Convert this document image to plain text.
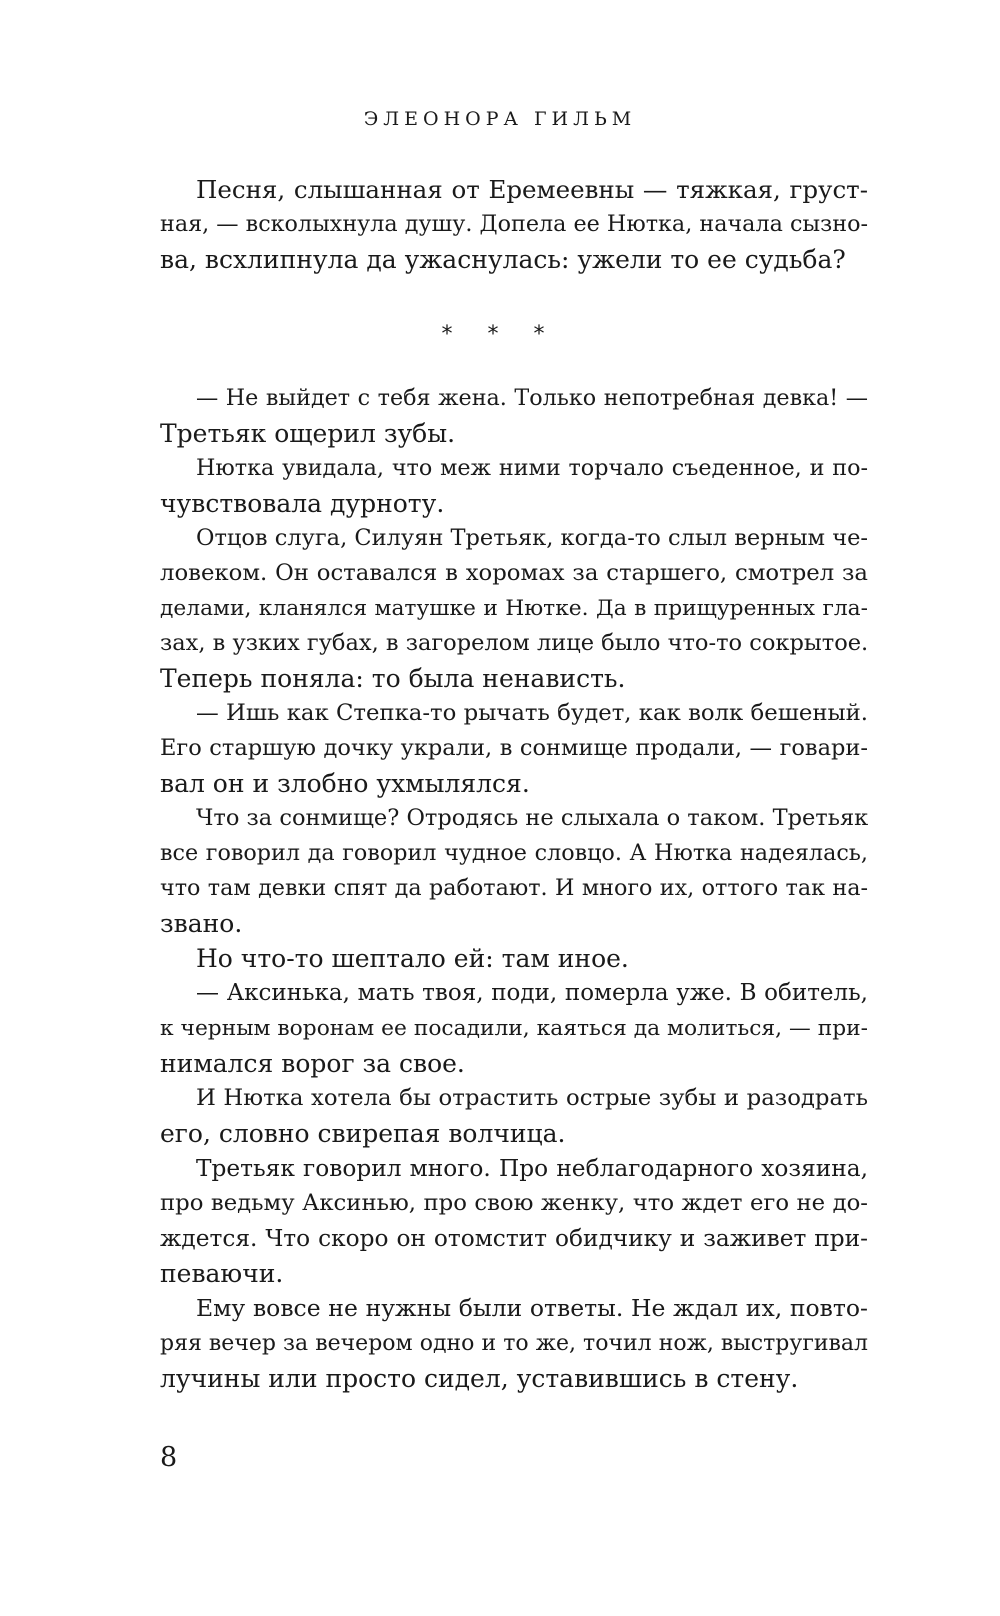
ЭЛЕОНОРА ГИЛЬМ
Песня, слышанная от Еремеевны — тяжкая, груст-
ная, — всколыхнула душу. Допела ее Нютка, начала сызно-
ва, всхлипнула да ужаснулась: ужели то ее судьба?
* * *
— Не выйдет с тебя жена. Только непотребная девка! —
Третьяк ощерил зубы.
Нютка увидала, что меж ними торчало съеденное, и по-
чувствовала дурноту.
Отцов слуга, Силуян Третьяк, когда-то слыл верным че-
ловеком. Он оставался в хоромах за старшего, смотрел за
делами, кланялся матушке и Нютке. Да в прищуренных гла-
зах, в узких губах, в загорелом лице было что-то сокрытое.
Теперь поняла: то была ненависть.
— Ишь как Степка-то рычать будет, как волк бешеный.
Его старшую дочку украли, в сонмище продали, — говари-
вал он и злобно ухмылялся.
Что за сонмище? Отродясь не слыхала о таком. Третьяк
все говорил да говорил чудное словцо. А Нютка надеялась,
что там девки спят да работают. И много их, оттого так на-
звано.
Но что-то шептало ей: там иное.
— Аксинька, мать твоя, поди, померла уже. В обитель,
к черным воронам ее посадили, каяться да молиться, — при-
нимался ворог за свое.
И Нютка хотела бы отрастить острые зубы и разодрать
его, словно свирепая волчица.
Третьяк говорил много. Про неблагодарного хозяина,
про ведьму Аксинью, про свою женку, что ждет его не до-
ждется. Что скоро он отомстит обидчику и заживет при-
певаючи.
Ему вовсе не нужны были ответы. Не ждал их, повто-
ряя вечер за вечером одно и то же, точил нож, выстругивал
лучины или просто сидел, уставившись в стену.
8
